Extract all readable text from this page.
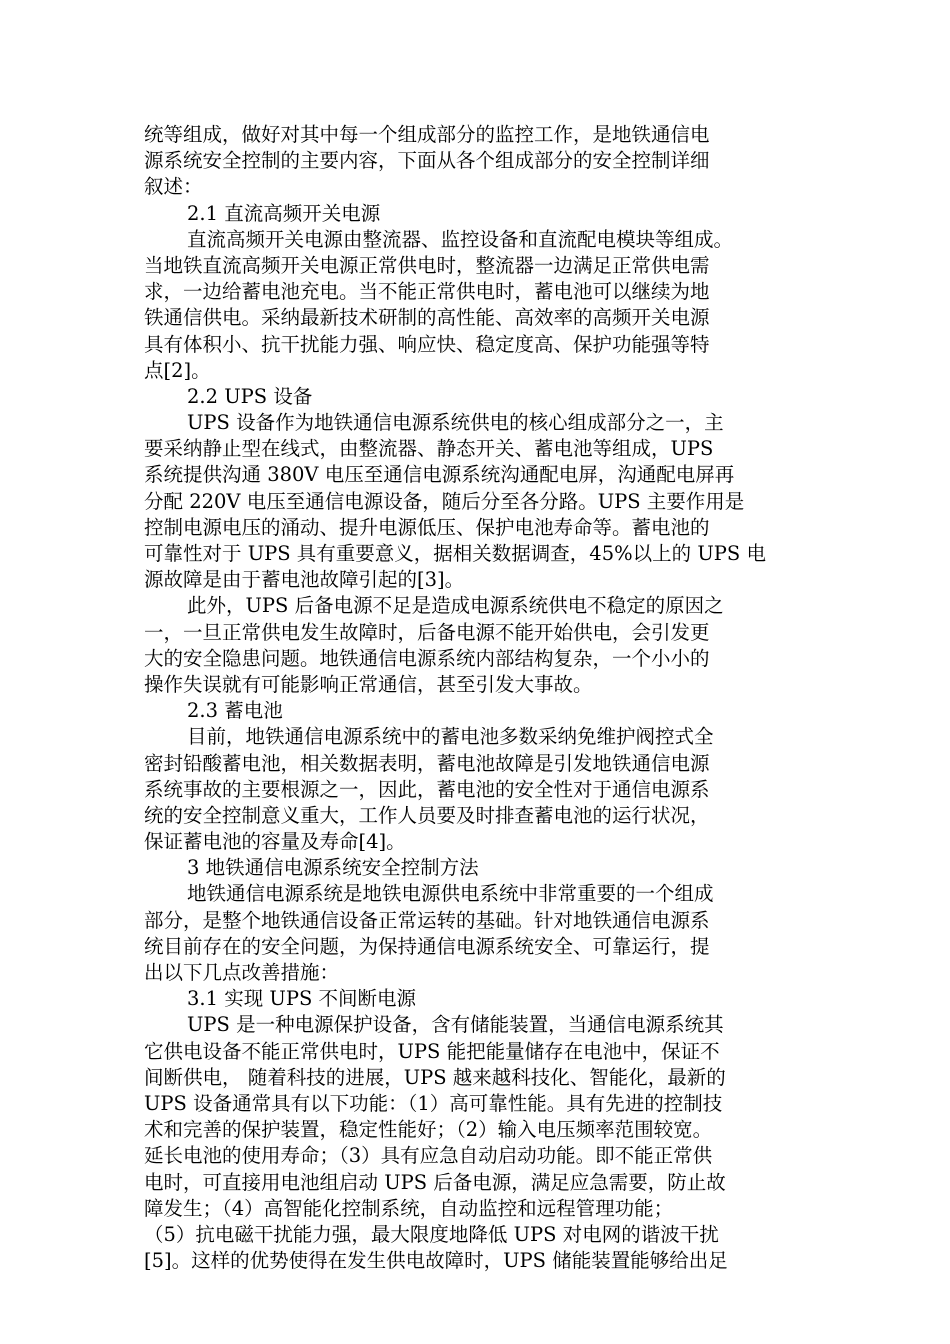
统等组成，做好对其中每一个组成部分的监控工作，是地铁通信电
源系统安全控制的主要内容，下面从各个组成部分的安全控制详细
叙述：
2.1 直流高频开关电源
直流高频开关电源由整流器、监控设备和直流配电模块等组成。
当地铁直流高频开关电源正常供电时，整流器一边满足正常供电需
求，一边给蓄电池充电。当不能正常供电时，蓄电池可以继续为地
铁通信供电。采纳最新技术研制的高性能、高效率的高频开关电源
具有体积小、抗干扰能力强、响应快、稳定度高、保护功能强等特
点[2]。
2.2 UPS 设备
UPS 设备作为地铁通信电源系统供电的核心组成部分之一，主
要采纳静止型在线式，由整流器、静态开关、蓄电池等组成，UPS
系统提供沟通 380V 电压至通信电源系统沟通配电屏，沟通配电屏再
分配 220V 电压至通信电源设备，随后分至各分路。UPS 主要作用是
控制电源电压的涌动、提升电源低压、保护电池寿命等。蓄电池的
可靠性对于 UPS 具有重要意义，据相关数据调查，45%以上的 UPS 电
源故障是由于蓄电池故障引起的[3]。
此外，UPS 后备电源不足是造成电源系统供电不稳定的原因之
一，一旦正常供电发生故障时，后备电源不能开始供电，会引发更
大的安全隐患问题。地铁通信电源系统内部结构复杂，一个小小的
操作失误就有可能影响正常通信，甚至引发大事故。
2.3 蓄电池
目前，地铁通信电源系统中的蓄电池多数采纳免维护阀控式全
密封铅酸蓄电池，相关数据表明，蓄电池故障是引发地铁通信电源
系统事故的主要根源之一，因此，蓄电池的安全性对于通信电源系
统的安全控制意义重大，工作人员要及时排查蓄电池的运行状况，
保证蓄电池的容量及寿命[4]。
3 地铁通信电源系统安全控制方法
地铁通信电源系统是地铁电源供电系统中非常重要的一个组成
部分，是整个地铁通信设备正常运转的基础。针对地铁通信电源系
统目前存在的安全问题，为保持通信电源系统安全、可靠运行，提
出以下几点改善措施：
3.1 实现 UPS 不间断电源
UPS 是一种电源保护设备，含有储能装置，当通信电源系统其
它供电设备不能正常供电时，UPS 能把能量储存在电池中，保证不
间断供电， 随着科技的进展，UPS 越来越科技化、智能化，最新的
UPS 设备通常具有以下功能：（1）高可靠性能。具有先进的控制技
术和完善的保护装置，稳定性能好；（2）输入电压频率范围较宽。
延长电池的使用寿命；（3）具有应急自动启动功能。即不能正常供
电时，可直接用电池组启动 UPS 后备电源，满足应急需要，防止故
障发生；（4）高智能化控制系统，自动监控和远程管理功能；
（5）抗电磁干扰能力强，最大限度地降低 UPS 对电网的谐波干扰
[5]。这样的优势使得在发生供电故障时，UPS 储能装置能够给出足
